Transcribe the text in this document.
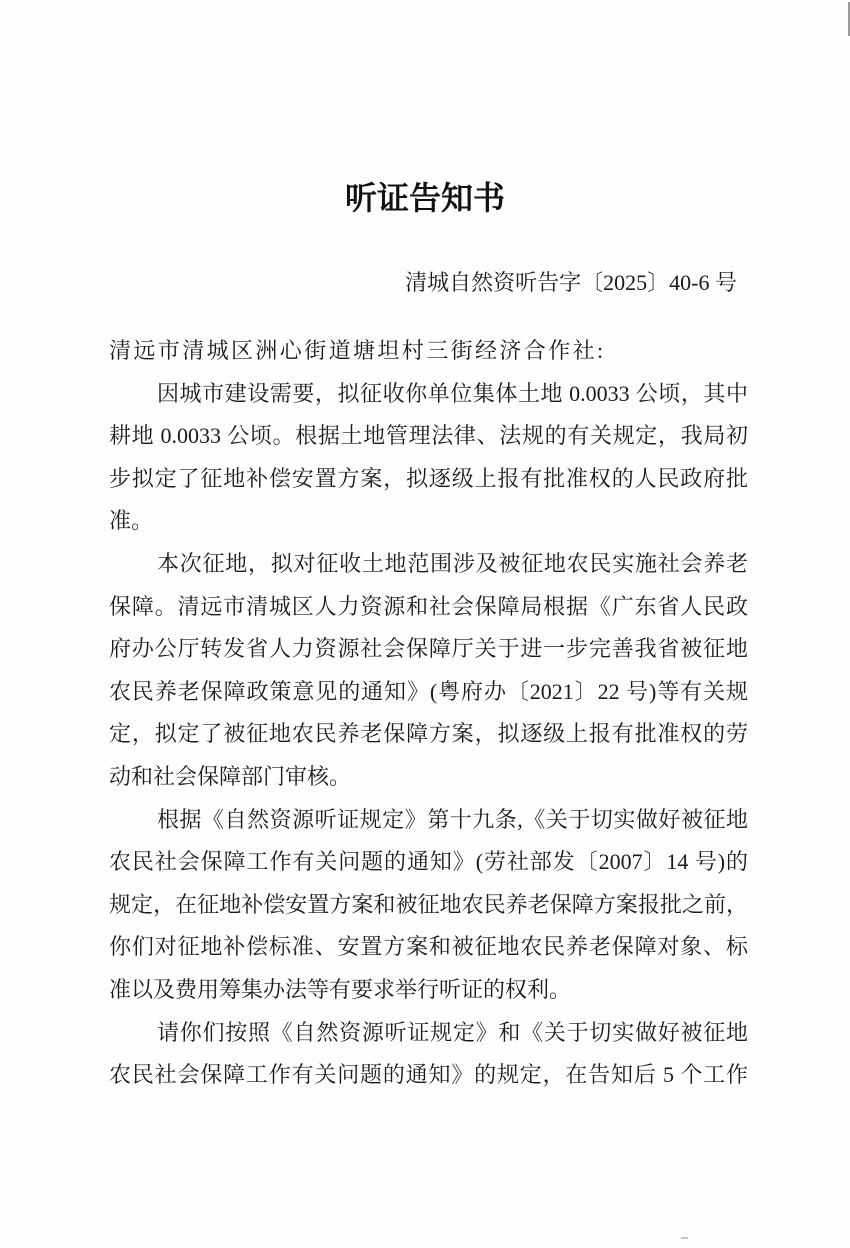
听证告知书
清城自然资听告字〔2025〕40-6 号
清远市清城区洲心街道塘坦村三街经济合作社:
因城市建设需要，拟征收你单位集体土地 0.0033 公顷，其中
耕地 0.0033 公顷。根据土地管理法律、法规的有关规定，我局初
步拟定了征地补偿安置方案，拟逐级上报有批准权的人民政府批
准。
本次征地，拟对征收土地范围涉及被征地农民实施社会养老
保障。清远市清城区人力资源和社会保障局根据《广东省人民政
府办公厅转发省人力资源社会保障厅关于进一步完善我省被征地
农民养老保障政策意见的通知》(粤府办〔2021〕22 号)等有关规
定，拟定了被征地农民养老保障方案，拟逐级上报有批准权的劳
动和社会保障部门审核。
根据《自然资源听证规定》第十九条,《关于切实做好被征地
农民社会保障工作有关问题的通知》(劳社部发〔2007〕14 号)的
规定，在征地补偿安置方案和被征地农民养老保障方案报批之前，
你们对征地补偿标准、安置方案和被征地农民养老保障对象、标
准以及费用筹集办法等有要求举行听证的权利。
请你们按照《自然资源听证规定》和《关于切实做好被征地
农民社会保障工作有关问题的通知》的规定，在告知后 5 个工作
